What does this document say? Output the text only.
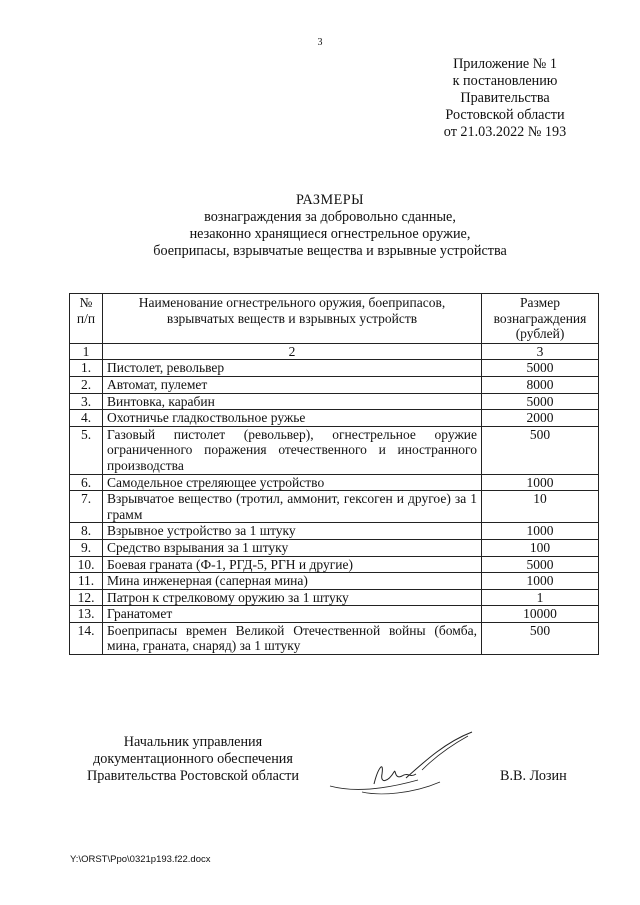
3
Приложение № 1
к постановлению
Правительства
Ростовской области
от 21.03.2022 № 193
РАЗМЕРЫ
вознаграждения за добровольно сданные,
незаконно хранящиеся огнестрельное оружие,
боеприпасы, взрывчатые вещества и взрывные устройства
№ п/п	Наименование огнестрельного оружия, боеприпасов, взрывчатых веществ и взрывных устройств	Размер вознаграждения (рублей)
1	2	3
1.	Пистолет, револьвер	5000
2.	Автомат, пулемет	8000
3.	Винтовка, карабин	5000
4.	Охотничье гладкоствольное ружье	2000
5.	Газовый пистолет (револьвер), огнестрельное оружие ограниченного поражения отечественного и иностранного производства	500
6.	Самодельное стреляющее устройство	1000
7.	Взрывчатое вещество (тротил, аммонит, гексоген и другое) за 1 грамм	10
8.	Взрывное устройство за 1 штуку	1000
9.	Средство взрывания за 1 штуку	100
10.	Боевая граната (Ф-1, РГД-5, РГН и другие)	5000
11.	Мина инженерная (саперная мина)	1000
12.	Патрон к стрелковому оружию за 1 штуку	1
13.	Гранатомет	10000
14.	Боеприпасы времен Великой Отечественной войны (бомба, мина, граната, снаряд) за 1 штуку	500
Начальник управления
документационного обеспечения
Правительства Ростовской области	В.В. Лозин
Y:\ORST\Ppo\0321p193.f22.docx
